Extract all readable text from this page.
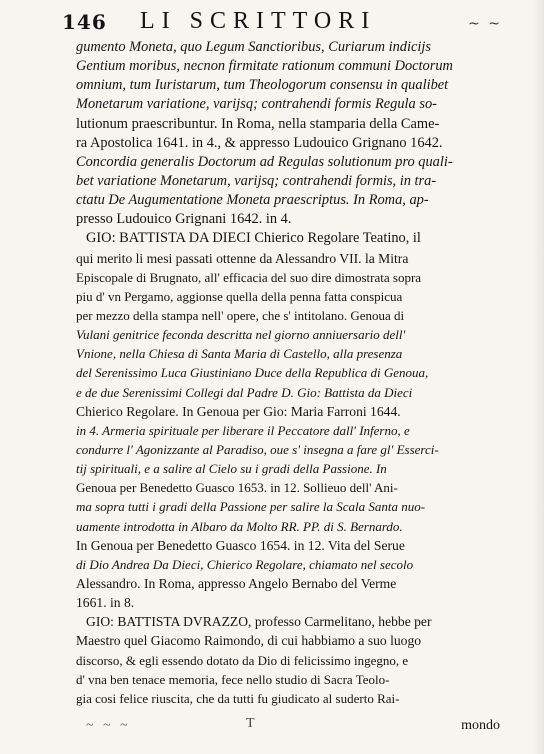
146 LI SCRITTORI	~ ~
gumento Moneta, quo Legum Sanctioribus, Curiarum indicijs
Gentium moribus, necnon firmitate rationum communi Doctorum
omnium, tum Iuristarum, tum Theologorum consensu in qualibet
Monetarum variatione, varijsq; contrahendi formis Regula so-
lutionum praescribuntur. In Roma, nella stamparia della Came-
ra Apostolica 1641. in 4., & appresso Ludouico Grignano 1642.
Concordia generalis Doctorum ad Regulas solutionum pro quali-
bet variatione Monetarum, varijsq; contrahendi formis, in tra-
ctatu De Augumentatione Moneta praescriptus. In Roma, ap-
presso Ludouico Grignani 1642. in 4.
GIO: BATTISTA DA DIECI Chierico Regolare Teatino, il
qui merito li mesi passati ottenne da Alessandro VII. la Mitra
Episcopale di Brugnato, all' efficacia del suo dire dimostrata sopra
piu d' vn Pergamo, aggionse quella della penna fatta conspicua
per mezzo della stampa nell' opere, che s' intitolano. Genoua di
Vulani genitrice feconda descritta nel giorno anniuersario dell'
Vnione, nella Chiesa di Santa Maria di Castello, alla presenza
del Serenissimo Luca Giustiniano Duce della Republica di Genoua,
e de due Serenissimi Collegi dal Padre D. Gio: Battista da Dieci
Chierico Regolare. In Genoua per Gio: Maria Farroni 1644.
in 4. Armeria spirituale per liberare il Peccatore dall' Inferno, e
condurre l' Agonizzante al Paradiso, oue s' insegna a fare gl' Esserci-
tij spirituali, e a salire al Cielo su i gradi della Passione. In
Genoua per Benedetto Guasco 1653. in 12. Sollieuo dell' Ani-
ma sopra tutti i gradi della Passione per salire la Scala Santa nuo-
uamente introdotta in Albaro da Molto RR. PP. di S. Bernardo.
In Genoua per Benedetto Guasco 1654. in 12. Vita del Serue
di Dio Andrea Da Dieci, Chierico Regolare, chiamato nel secolo
Alessandro. In Roma, appresso Angelo Bernabo del Verme
1661. in 8.
GIO: BATTISTA DVRAZZO, professo Carmelitano, hebbe per
Maestro quel Giacomo Raimondo, di cui habbiamo a suo luogo
discorso, & egli essendo dotato da Dio di felicissimo ingegno, e
d' vna ben tenace memoria, fece nello studio di Sacra Teolo-
gia cosi felice riuscita, che da tutti fu giudicato al suderto Rai-
~ ~ ~	T	mondo
